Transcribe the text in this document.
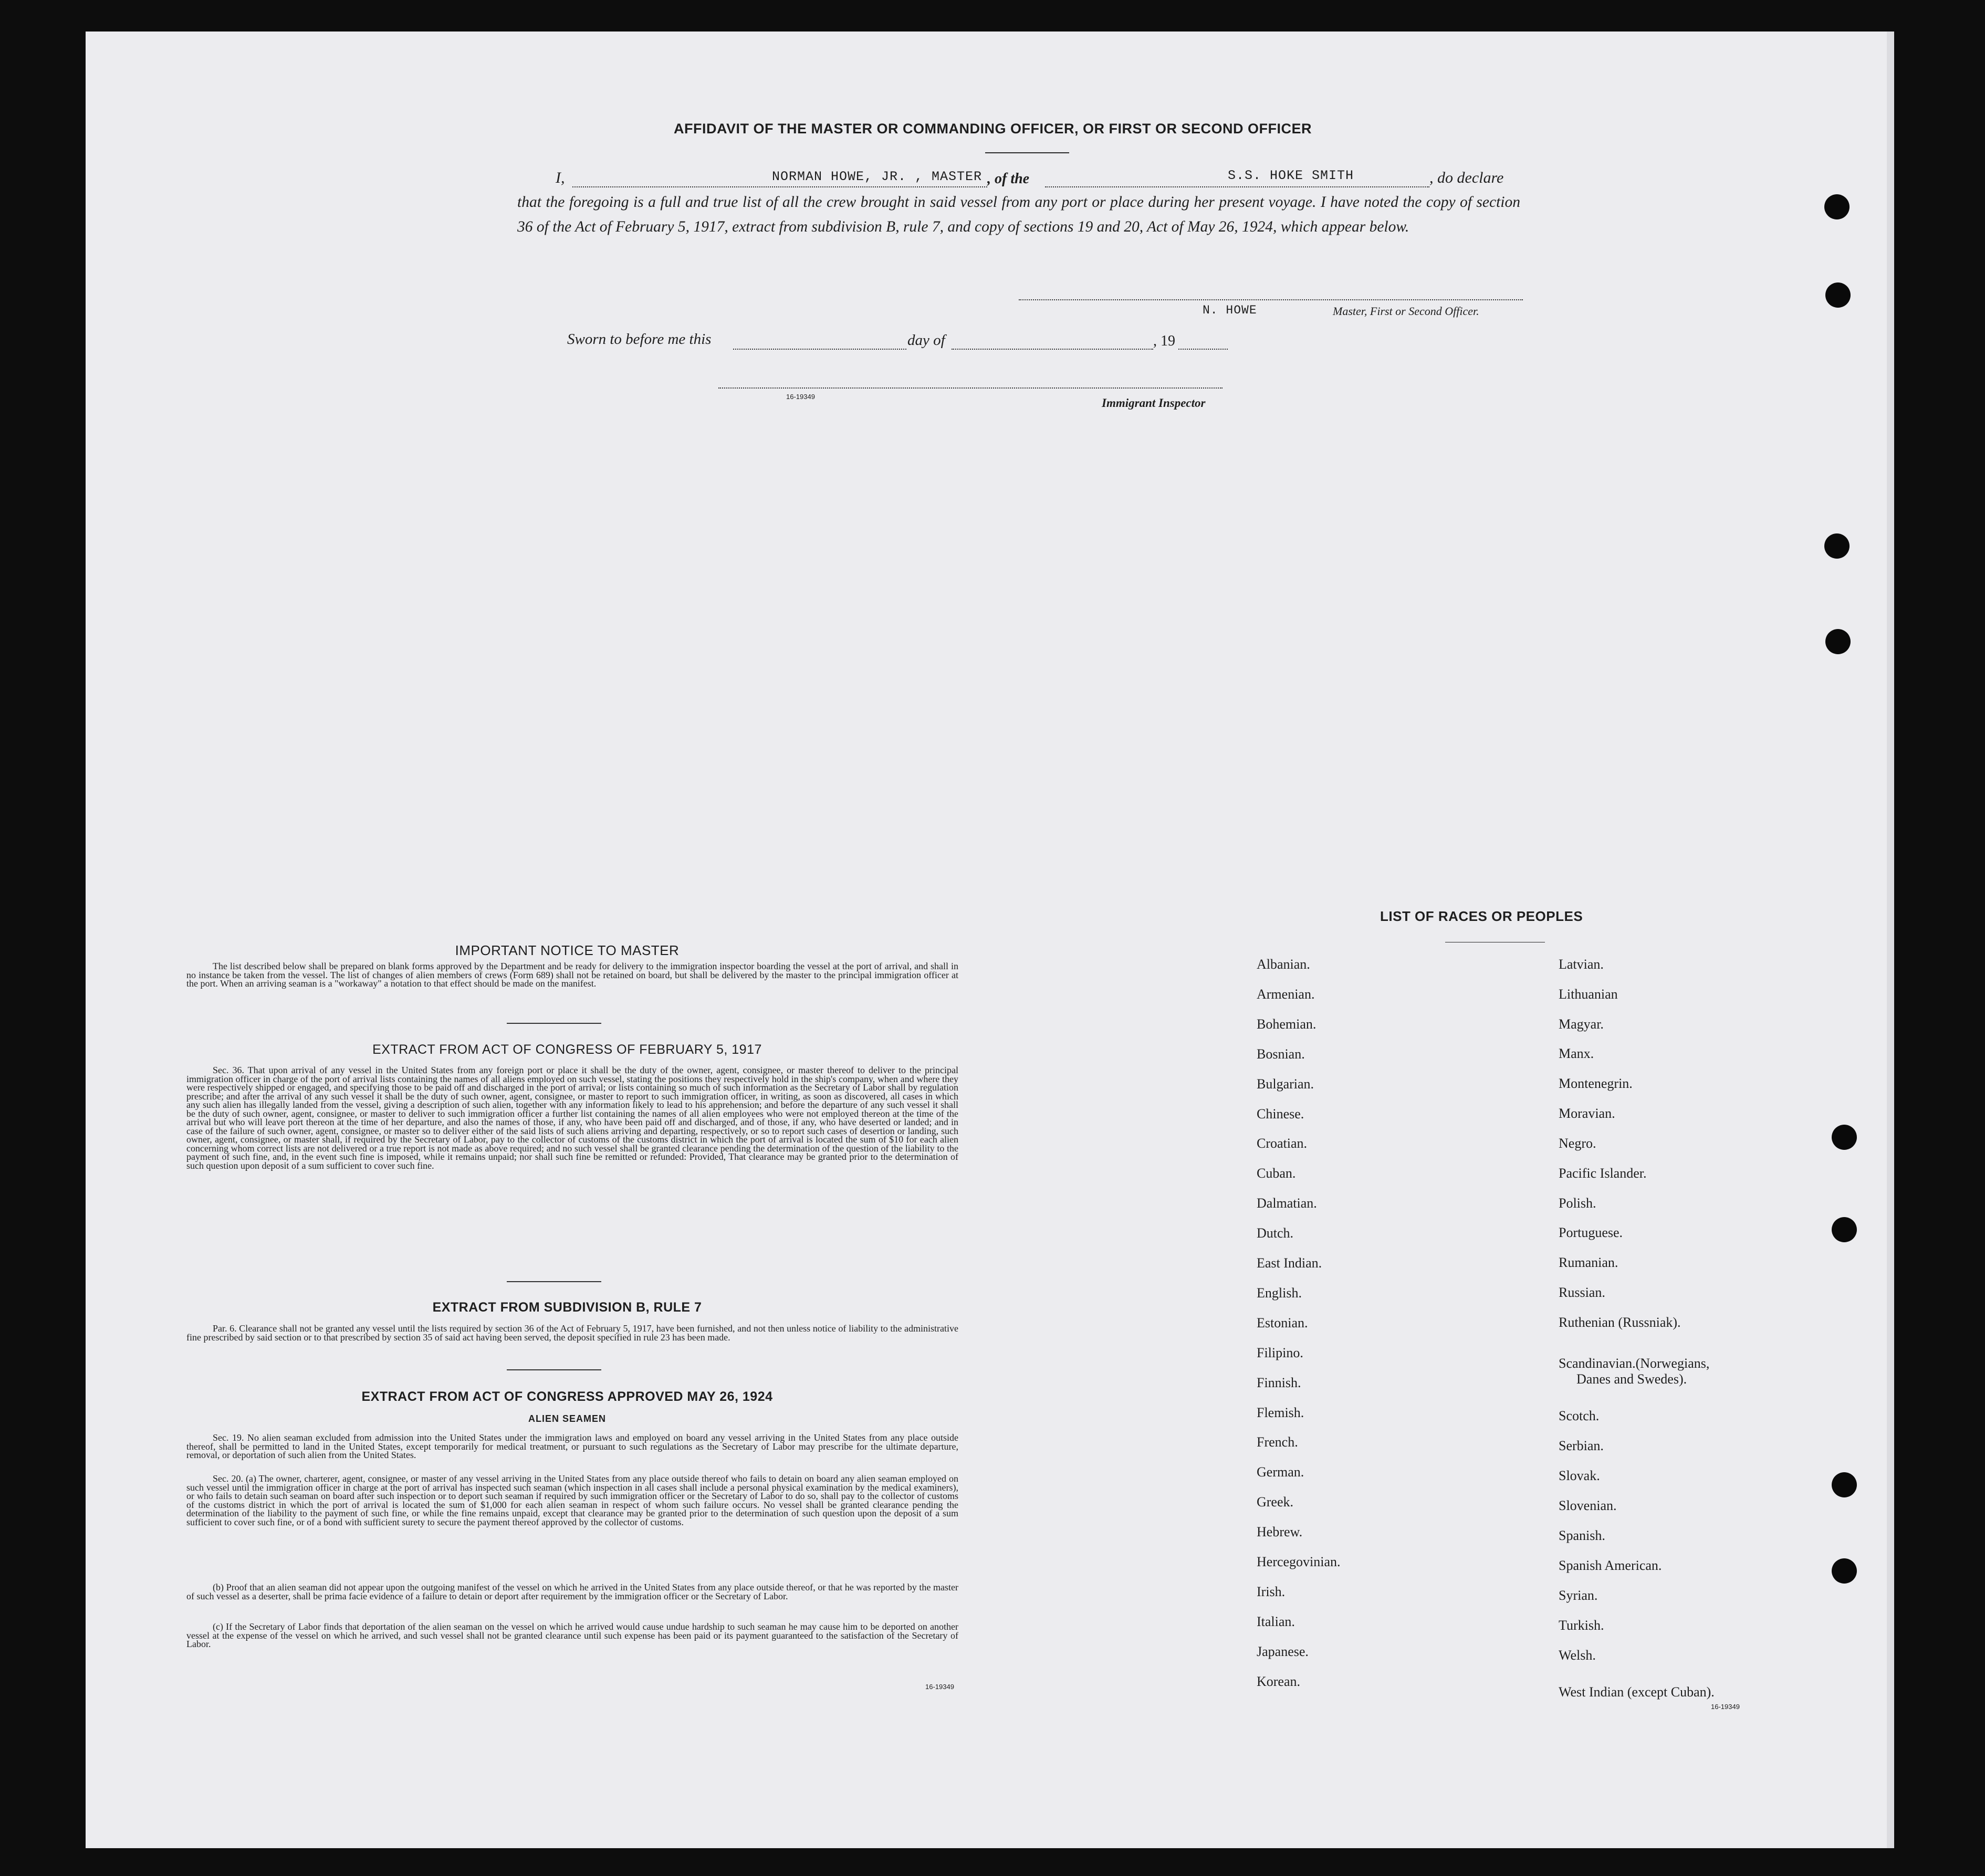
AFFIDAVIT OF THE MASTER OR COMMANDING OFFICER, OR FIRST OR SECOND OFFICER
I,	NORMAN HOWE, JR. , MASTER , of the	S.S. HOKE SMITH	, do declare
that the foregoing is a full and true list of all the crew brought in said vessel from any port or place during her present voyage. I have noted the copy of section 36 of the Act of February 5, 1917, extract from subdivision B, rule 7, and copy of sections 19 and 20, Act of May 26, 1924, which appear below.
N. HOWE	Master, First or Second Officer.
Sworn to before me this	day of	, 19
16-19349	Immigrant Inspector
IMPORTANT NOTICE TO MASTER
The list described below shall be prepared on blank forms approved by the Department and be ready for delivery to the immigration inspector boarding the vessel at the port of arrival, and shall in no instance be taken from the vessel. The list of changes of alien members of crews (Form 689) shall not be retained on board, but shall be delivered by the master to the principal immigration officer at the port. When an arriving seaman is a "workaway" a notation to that effect should be made on the manifest.
EXTRACT FROM ACT OF CONGRESS OF FEBRUARY 5, 1917
Sec. 36. That upon arrival of any vessel in the United States from any foreign port or place it shall be the duty of the owner, agent, consignee, or master thereof to deliver to the principal immigration officer in charge of the port of arrival lists containing the names of all aliens employed on such vessel, stating the positions they respectively hold in the ship's company, when and where they were respectively shipped or engaged, and specifying those to be paid off and discharged in the port of arrival; or lists containing so much of such information as the Secretary of Labor shall by regulation prescribe; and after the arrival of any such vessel it shall be the duty of such owner, agent, consignee, or master to report to such immigration officer, in writing, as soon as discovered, all cases in which any such alien has illegally landed from the vessel, giving a description of such alien, together with any information likely to lead to his apprehension; and before the departure of any such vessel it shall be the duty of such owner, agent, consignee, or master to deliver to such immigration officer a further list containing the names of all alien employees who were not employed thereon at the time of the arrival but who will leave port thereon at the time of her departure, and also the names of those, if any, who have been paid off and discharged, and of those, if any, who have deserted or landed; and in case of the failure of such owner, agent, consignee, or master so to deliver either of the said lists of such aliens arriving and departing, respectively, or so to report such cases of desertion or landing, such owner, agent, consignee, or master shall, if required by the Secretary of Labor, pay to the collector of customs of the customs district in which the port of arrival is located the sum of $10 for each alien concerning whom correct lists are not delivered or a true report is not made as above required; and no such vessel shall be granted clearance pending the determination of the question of the liability to the payment of such fine, and, in the event such fine is imposed, while it remains unpaid; nor shall such fine be remitted or refunded: Provided, That clearance may be granted prior to the determination of such question upon deposit of a sum sufficient to cover such fine.
EXTRACT FROM SUBDIVISION B, RULE 7
Par. 6. Clearance shall not be granted any vessel until the lists required by section 36 of the Act of February 5, 1917, have been furnished, and not then unless notice of liability to the administrative fine prescribed by said section or to that prescribed by section 35 of said act having been served, the deposit specified in rule 23 has been made.
EXTRACT FROM ACT OF CONGRESS APPROVED MAY 26, 1924
ALIEN SEAMEN
Sec. 19. No alien seaman excluded from admission into the United States under the immigration laws and employed on board any vessel arriving in the United States from any place outside thereof, shall be permitted to land in the United States, except temporarily for medical treatment, or pursuant to such regulations as the Secretary of Labor may prescribe for the ultimate departure, removal, or deportation of such alien from the United States.
Sec. 20. (a) The owner, charterer, agent, consignee, or master of any vessel arriving in the United States from any place outside thereof who fails to detain on board any alien seaman employed on such vessel until the immigration officer in charge at the port of arrival has inspected such seaman (which inspection in all cases shall include a personal physical examination by the medical examiners), or who fails to detain such seaman on board after such inspection or to deport such seaman if required by such immigration officer or the Secretary of Labor to do so, shall pay to the collector of customs of the customs district in which the port of arrival is located the sum of $1,000 for each alien seaman in respect of whom such failure occurs. No vessel shall be granted clearance pending the determination of the liability to the payment of such fine, or while the fine remains unpaid, except that clearance may be granted prior to the determination of such question upon the deposit of a sum sufficient to cover such fine, or of a bond with sufficient surety to secure the payment thereof approved by the collector of customs.
(b) Proof that an alien seaman did not appear upon the outgoing manifest of the vessel on which he arrived in the United States from any place outside thereof, or that he was reported by the master of such vessel as a deserter, shall be prima facie evidence of a failure to detain or deport after requirement by the immigration officer or the Secretary of Labor.
(c) If the Secretary of Labor finds that deportation of the alien seaman on the vessel on which he arrived would cause undue hardship to such seaman he may cause him to be deported on another vessel at the expense of the vessel on which he arrived, and such vessel shall not be granted clearance until such expense has been paid or its payment guaranteed to the satisfaction of the Secretary of Labor.
16-19349
LIST OF RACES OR PEOPLES
Albanian.
Armenian.
Bohemian.
Bosnian.
Bulgarian.
Chinese.
Croatian.
Cuban.
Dalmatian.
Dutch.
East Indian.
English.
Estonian.
Filipino.
Finnish.
Flemish.
French.
German.
Greek.
Hebrew.
Hercegovinian.
Irish.
Italian.
Japanese.
Korean.
Latvian.
Lithuanian
Magyar.
Manx.
Montenegrin.
Moravian.
Negro.
Pacific Islander.
Polish.
Portuguese.
Rumanian.
Russian.
Ruthenian (Russniak).
Scandinavian.(Norwegians,
Danes and Swedes).
Scotch.
Serbian.
Slovak.
Slovenian.
Spanish.
Spanish American.
Syrian.
Turkish.
Welsh.
West Indian (except Cuban).
16-19349
